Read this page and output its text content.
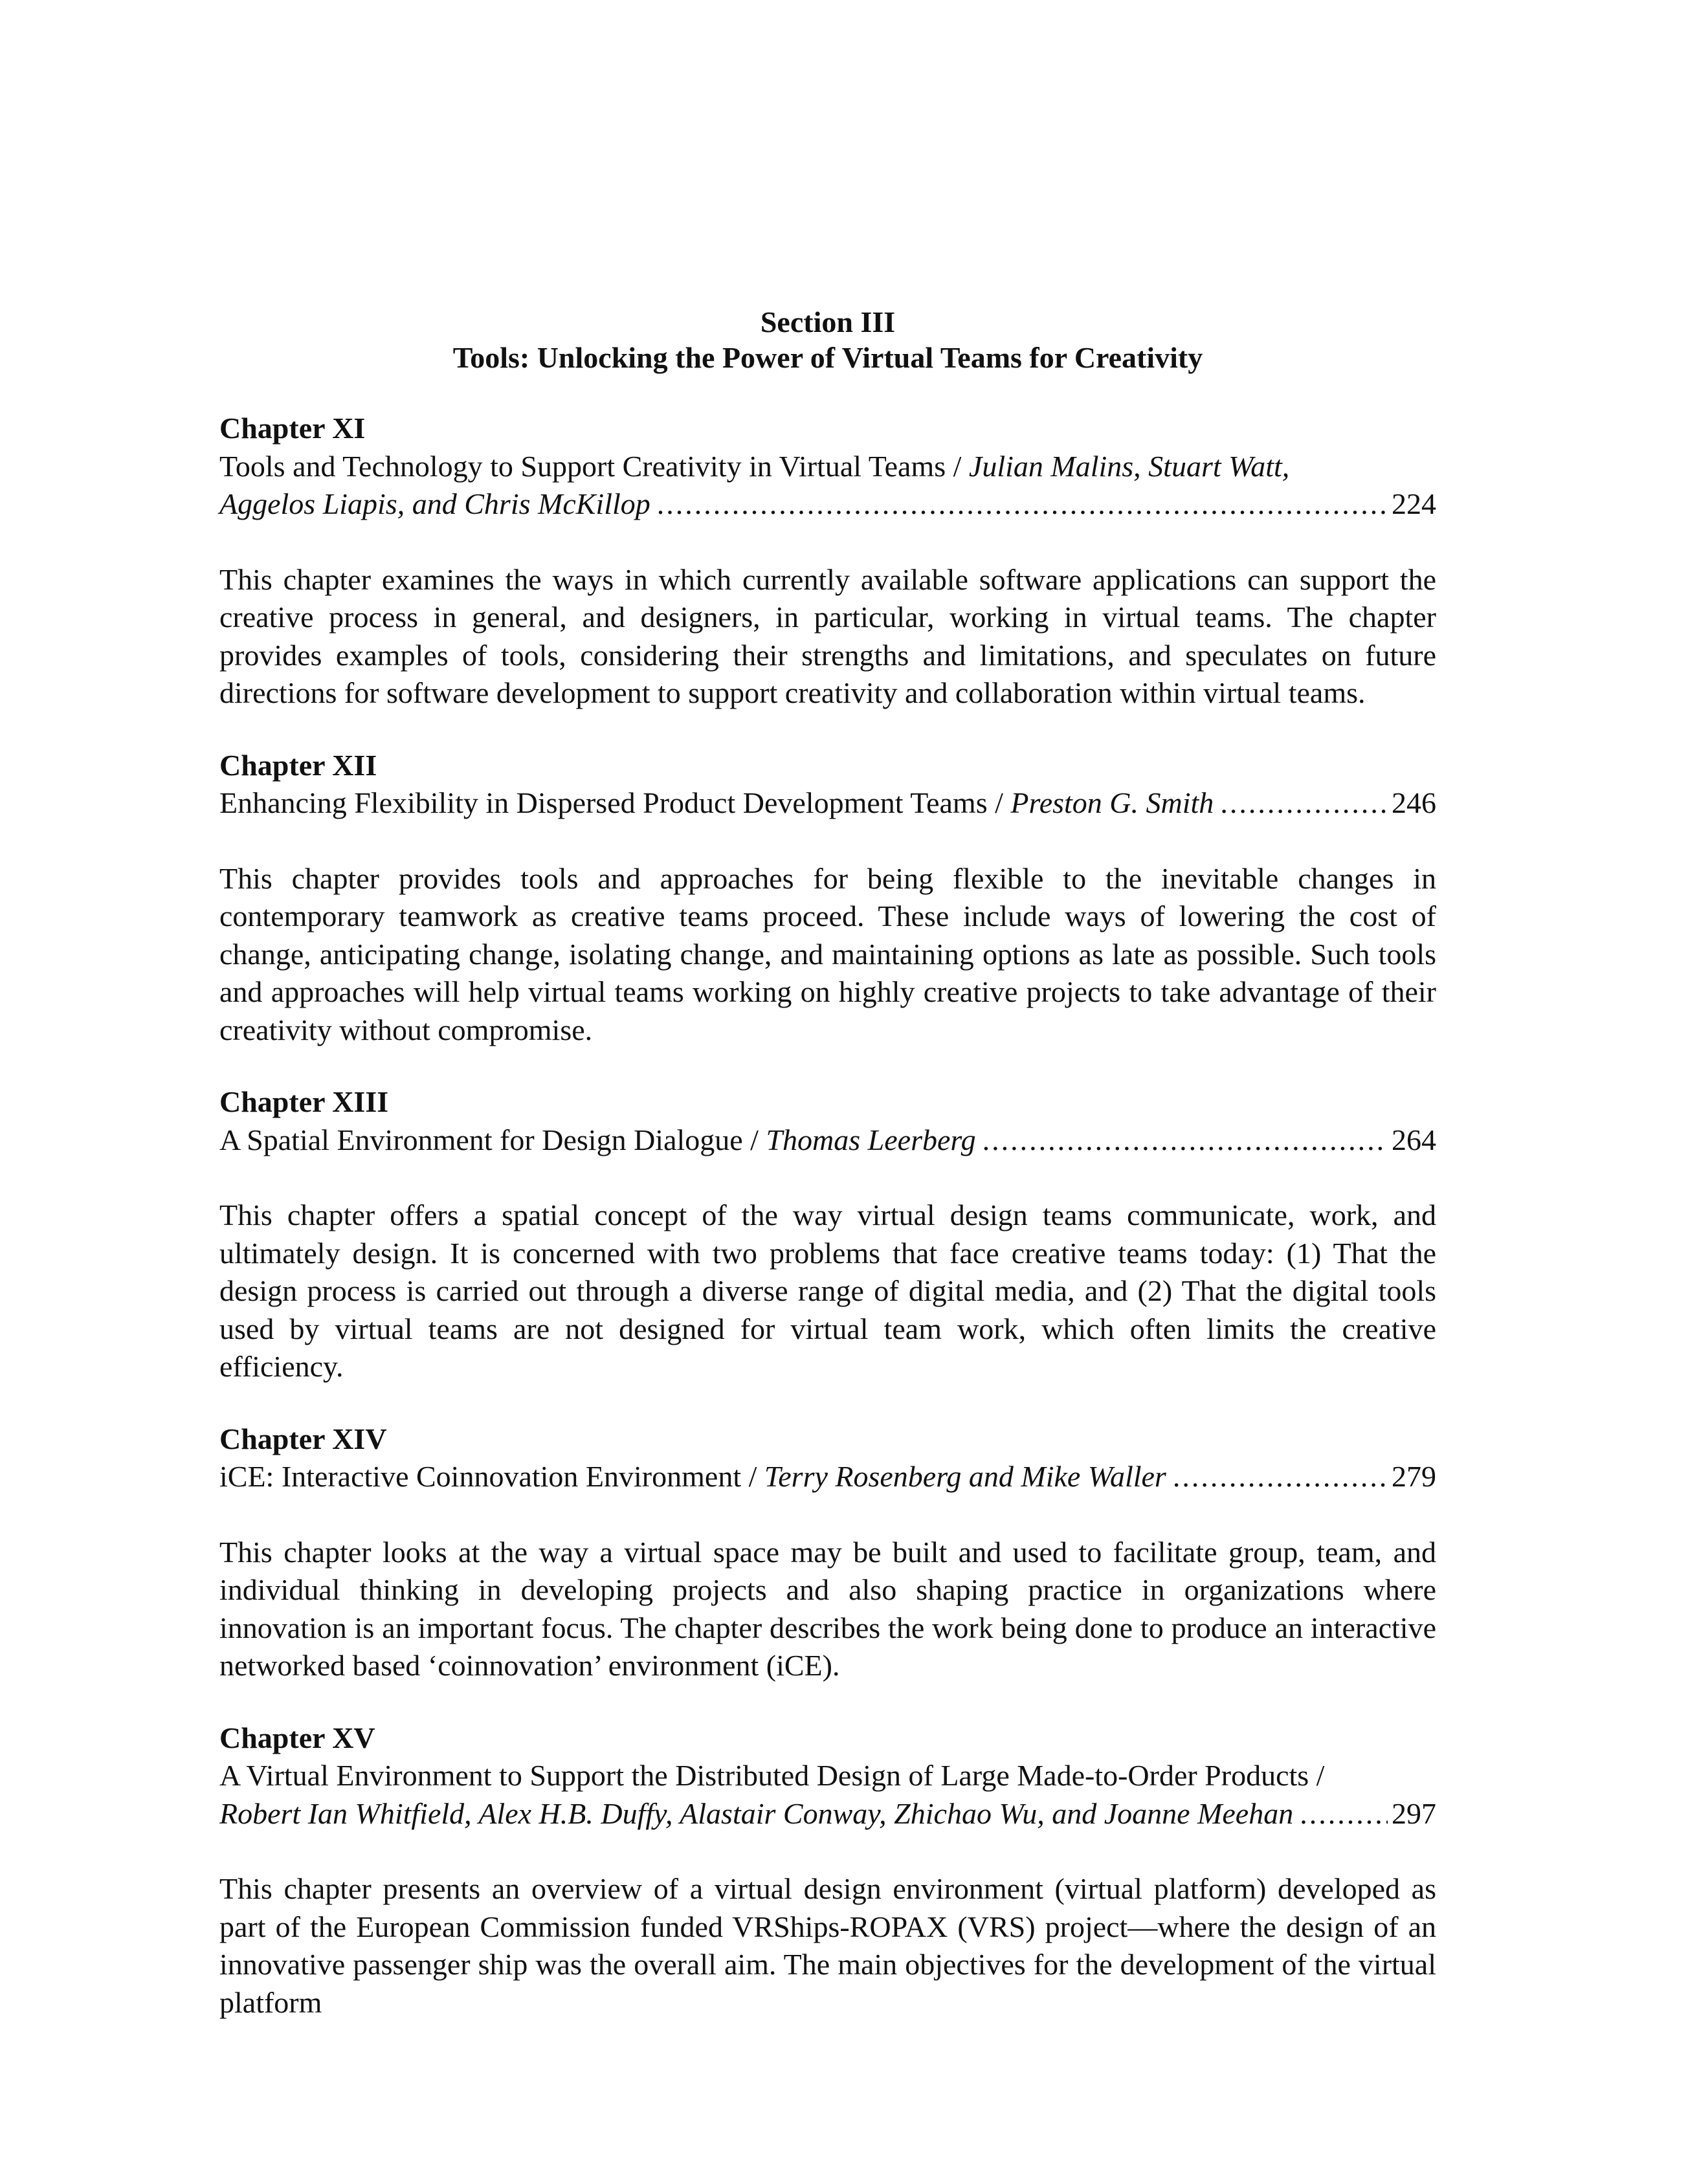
Section III
Tools: Unlocking the Power of Virtual Teams for Creativity
Chapter XI
Tools and Technology to Support Creativity in Virtual Teams / Julian Malins, Stuart Watt,
Aggelos Liapis, and Chris McKillop .....	224
This chapter examines the ways in which currently available software applications can support the creative process in general, and designers, in particular, working in virtual teams. The chapter provides examples of tools, considering their strengths and limitations, and speculates on future directions for software development to support creativity and collaboration within virtual teams.
Chapter XII
Enhancing Flexibility in Dispersed Product Development Teams /
Preston G. Smith .....	246
This chapter provides tools and approaches for being flexible to the inevitable changes in contemporary teamwork as creative teams proceed. These include ways of lowering the cost of change, anticipating change, isolating change, and maintaining options as late as possible. Such tools and approaches will help virtual teams working on highly creative projects to take advantage of their creativity without compromise.
Chapter XIII
A Spatial Environment for Design Dialogue /
Thomas Leerberg .....	264
This chapter offers a spatial concept of the way virtual design teams communicate, work, and ultimately design. It is concerned with two problems that face creative teams today: (1) That the design process is carried out through a diverse range of digital media, and (2) That the digital tools used by virtual teams are not designed for virtual team work, which often limits the creative efficiency.
Chapter XIV
iCE: Interactive Coinnovation Environment /
Terry Rosenberg and Mike Waller .....	279
This chapter looks at the way a virtual space may be built and used to facilitate group, team, and individual thinking in developing projects and also shaping practice in organizations where innovation is an important focus. The chapter describes the work being done to produce an interactive networked based ‘coinnovation’ environment (iCE).
Chapter XV
A Virtual Environment to Support the Distributed Design of Large Made-to-Order Products /
Robert Ian Whitfield, Alex H.B. Duffy, Alastair Conway, Zhichao Wu, and Joanne Meehan .....	297
This chapter presents an overview of a virtual design environment (virtual platform) developed as part of the European Commission funded VRShips-ROPAX (VRS) project—where the design of an innovative passenger ship was the overall aim. The main objectives for the development of the virtual platform
